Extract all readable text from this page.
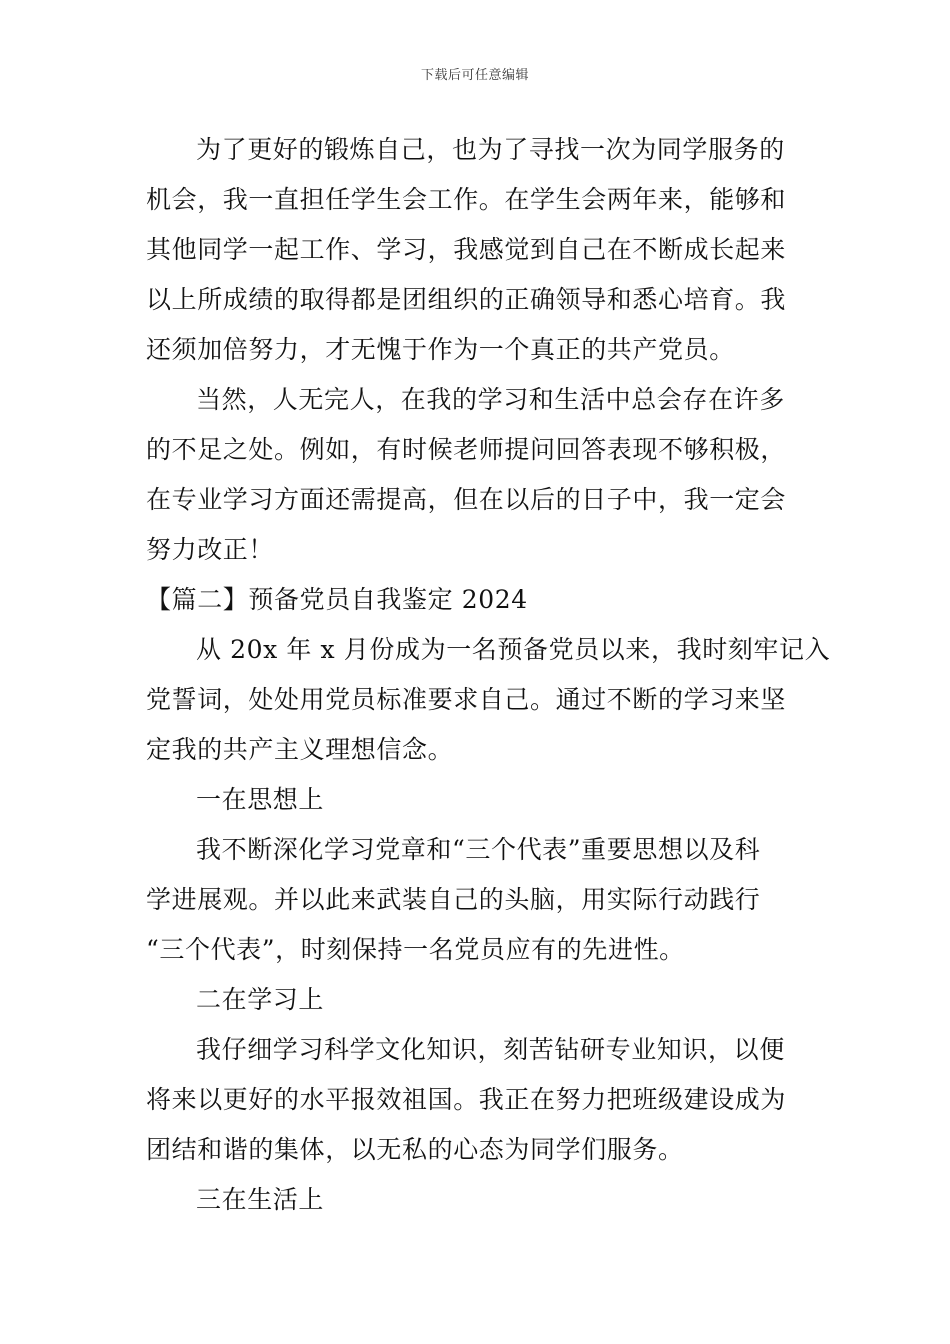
下载后可任意编辑
为了更好的锻炼自己，也为了寻找一次为同学服务的
机会，我一直担任学生会工作。在学生会两年来，能够和
其他同学一起工作、学习，我感觉到自己在不断成长起来
以上所成绩的取得都是团组织的正确领导和悉心培育。我
还须加倍努力，才无愧于作为一个真正的共产党员。
当然，人无完人，在我的学习和生活中总会存在许多
的不足之处。例如，有时候老师提问回答表现不够积极，
在专业学习方面还需提高，但在以后的日子中，我一定会
努力改正！
【篇二】预备党员自我鉴定 2024
从 20x 年 x 月份成为一名预备党员以来，我时刻牢记入
党誓词，处处用党员标准要求自己。通过不断的学习来坚
定我的共产主义理想信念。
一在思想上
我不断深化学习党章和“三个代表”重要思想以及科
学进展观。并以此来武装自己的头脑，用实际行动践行
“三个代表”，时刻保持一名党员应有的先进性。
二在学习上
我仔细学习科学文化知识，刻苦钻研专业知识，以便
将来以更好的水平报效祖国。我正在努力把班级建设成为
团结和谐的集体，以无私的心态为同学们服务。
三在生活上
